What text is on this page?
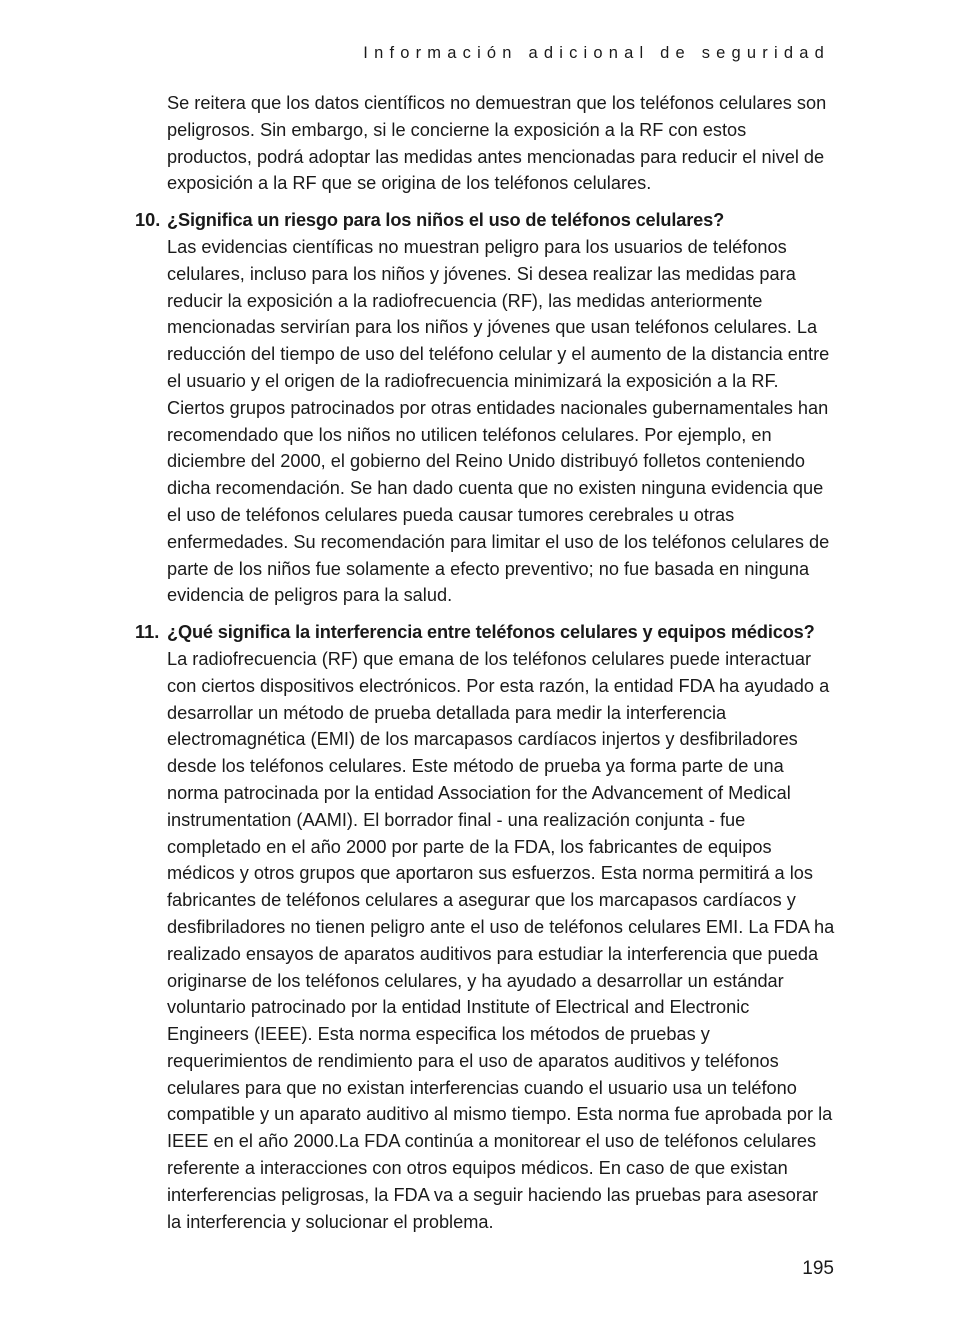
Información adicional de seguridad

Se reitera que los datos científicos no demuestran que los teléfonos celulares son peligrosos. Sin embargo, si le concierne la exposición a la RF con estos productos, podrá adoptar las medidas antes mencionadas para reducir el nivel de exposición a la RF que se origina de los teléfonos celulares.

10. ¿Significa un riesgo para los niños el uso de teléfonos celulares?

Las evidencias científicas no muestran peligro para los usuarios de teléfonos celulares, incluso para los niños y jóvenes. Si desea realizar las medidas para reducir la exposición a la radiofrecuencia (RF), las medidas anteriormente mencionadas servirían para los niños y jóvenes que usan teléfonos celulares. La reducción del tiempo de uso del teléfono celular y el aumento de la distancia entre el usuario y el origen de la radiofrecuencia minimizará la exposición a la RF. Ciertos grupos patrocinados por otras entidades nacionales gubernamentales han recomendado que los niños no utilicen teléfonos celulares. Por ejemplo, en diciembre del 2000, el gobierno del Reino Unido distribuyó folletos conteniendo dicha recomendación. Se han dado cuenta que no existen ninguna evidencia que el uso de teléfonos celulares pueda causar tumores cerebrales u otras enfermedades. Su recomendación para limitar el uso de los teléfonos celulares de parte de los niños fue solamente a efecto preventivo; no fue basada en ninguna evidencia de peligros para la salud.

11. ¿Qué significa la interferencia entre teléfonos celulares y equipos médicos?

La radiofrecuencia (RF) que emana de los teléfonos celulares puede interactuar con ciertos dispositivos electrónicos. Por esta razón, la entidad FDA ha ayudado a desarrollar un método de prueba detallada para medir la interferencia electromagnética (EMI) de los marcapasos cardíacos injertos y desfibriladores desde los teléfonos celulares. Este método de prueba ya forma parte de una norma patrocinada por la entidad Association for the Advancement of Medical instrumentation (AAMI). El borrador final - una realización conjunta - fue completado en el año 2000 por parte de la FDA, los fabricantes de equipos médicos y otros grupos que aportaron sus esfuerzos. Esta norma permitirá a los fabricantes de teléfonos celulares a asegurar que los marcapasos cardíacos y desfibriladores no tienen peligro ante el uso de teléfonos celulares EMI. La FDA ha realizado ensayos de aparatos auditivos para estudiar la interferencia que pueda originarse de los teléfonos celulares, y ha ayudado a desarrollar un estándar voluntario patrocinado por la entidad Institute of Electrical and Electronic Engineers (IEEE). Esta norma especifica los métodos de pruebas y requerimientos de rendimiento para el uso de aparatos auditivos y teléfonos celulares para que no existan interferencias cuando el usuario usa un teléfono compatible y un aparato auditivo al mismo tiempo. Esta norma fue aprobada por la IEEE en el año 2000.La FDA continúa a monitorear el uso de teléfonos celulares referente a interacciones con otros equipos médicos. En caso de que existan interferencias peligrosas, la FDA va a seguir haciendo las pruebas para asesorar la interferencia y solucionar el problema.

195
